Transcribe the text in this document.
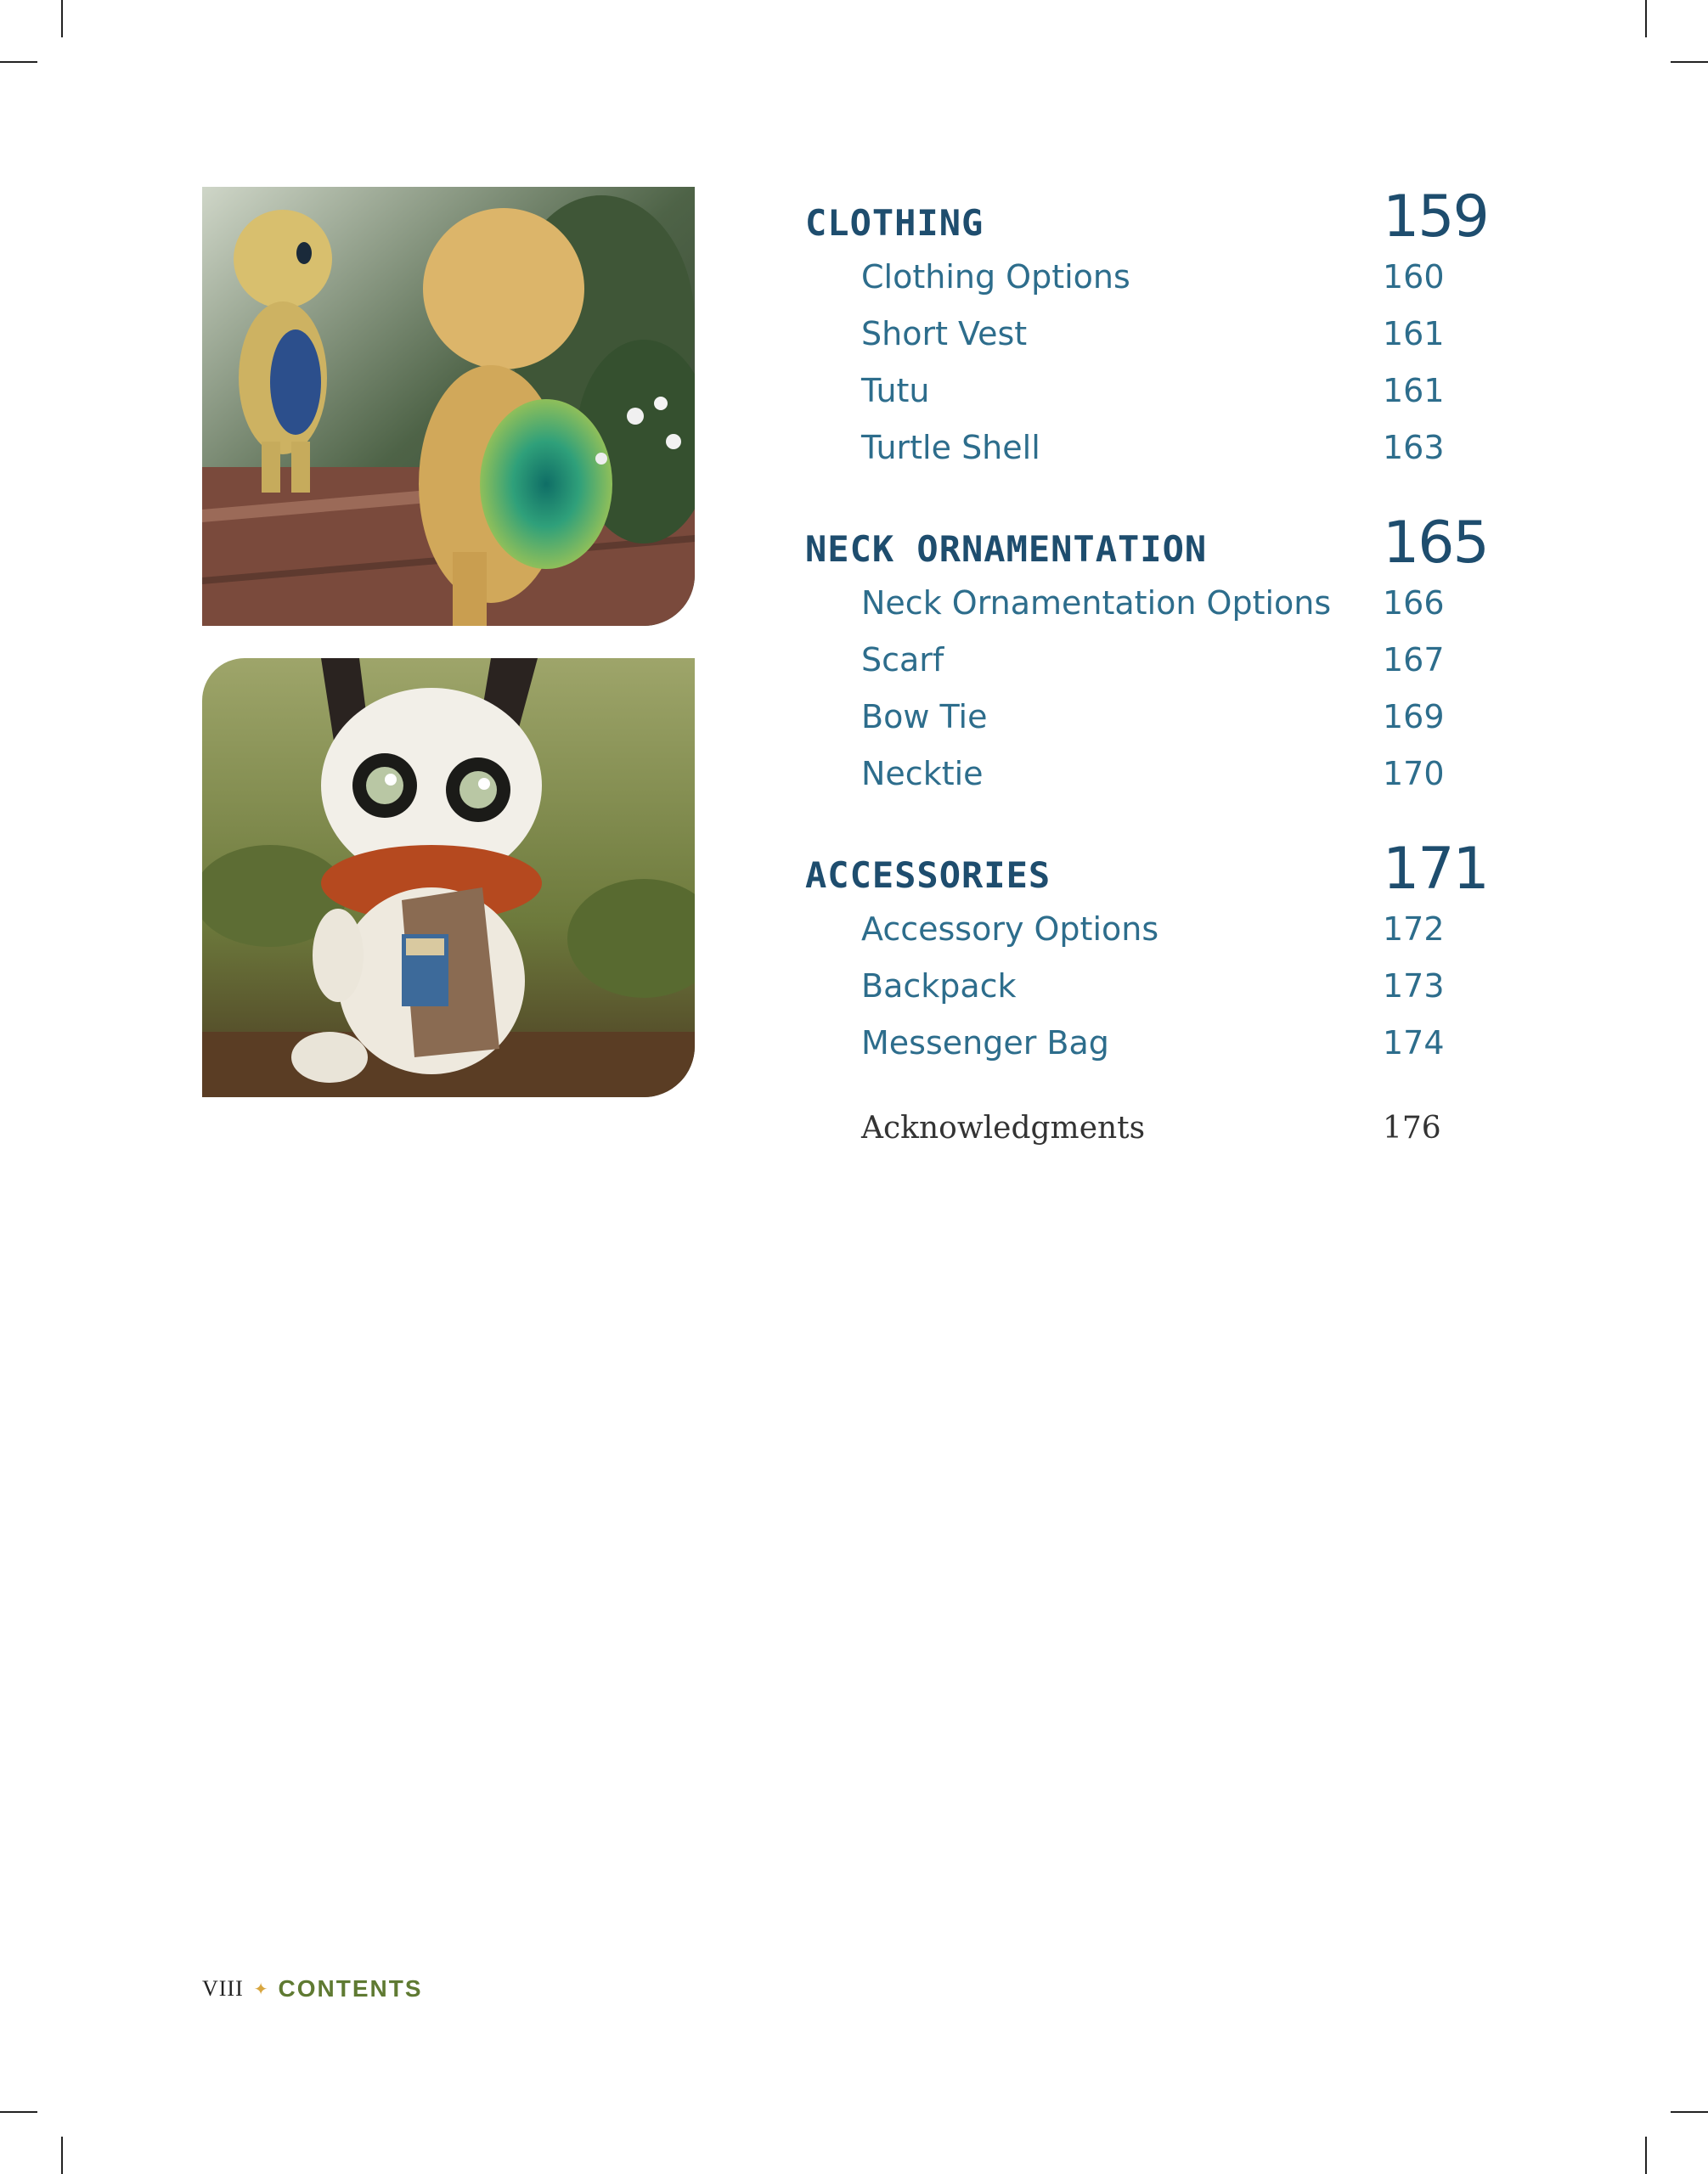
CLOTHING	159
Clothing Options	160
Short Vest	161
Tutu	161
Turtle Shell	163
NECK ORNAMENTATION	165
Neck Ornamentation Options 166
Scarf	167
Bow Tie	169
Necktie	170
ACCESSORIES	171
Accessory Options	172
Backpack	173
Messenger Bag	174
Acknowledgments	176
VIII ✦ CONTENTS
